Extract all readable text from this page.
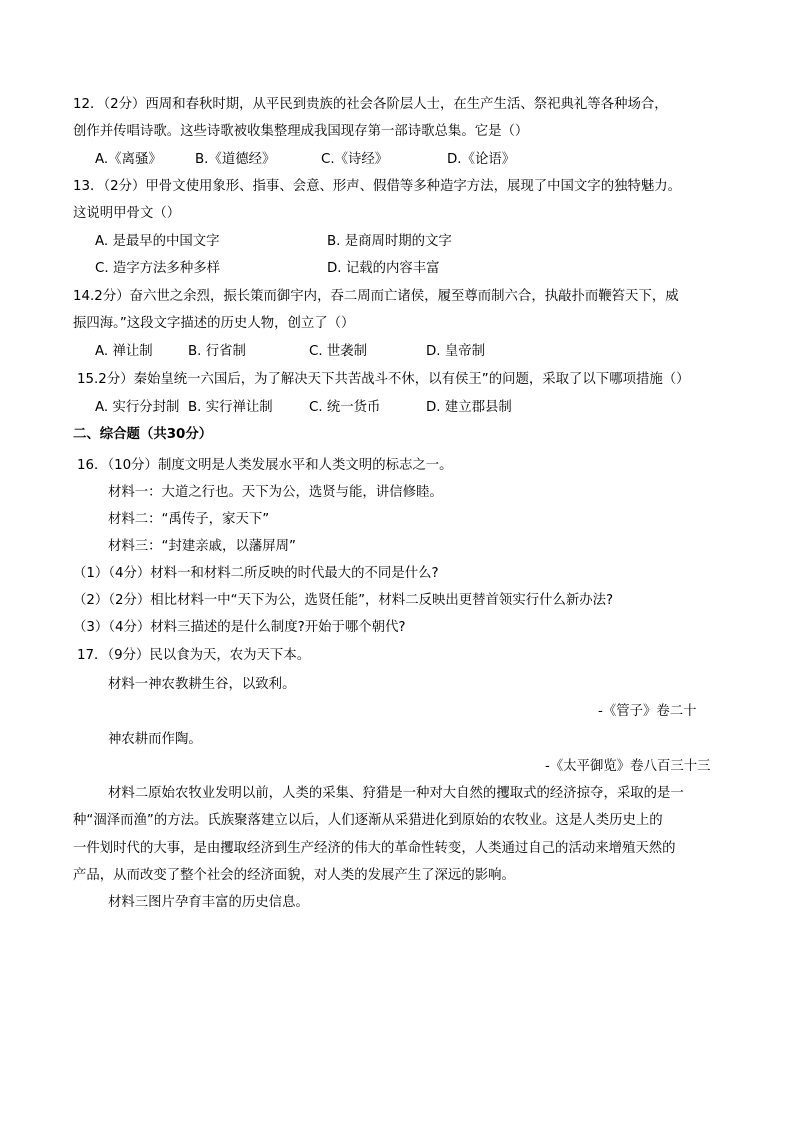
12．（2分）西周和春秋时期，从平民到贵族的社会各阶层人士，在生产生活、祭祀典礼等各种场合，
创作并传唱诗歌。这些诗歌被收集整理成我国现存第一部诗歌总集。它是（）
A.《离骚》 B.《道德经》	C.《诗经》	D.《论语》
13．（2分）甲骨文使用象形、指事、会意、形声、假借等多种造字方法，展现了中国文字的独特魅力。
这说明甲骨文（）
A. 是最早的中国文字	B. 是商周时期的文字
C. 造字方法多种多样	D. 记载的内容丰富
14.2分）奋六世之余烈，振长策而御宇内，吞二周而亡诸侯，履至尊而制六合，执敲扑而鞭笞天下，威
振四海。”这段文字描述的历史人物，创立了（）
A. 禅让制	B. 行省制	C. 世袭制	D. 皇帝制
15.2分）秦始皇统一六国后，为了解决天下共苦战斗不休，以有侯王”的问题，采取了以下哪项措施（）
A. 实行分封制 B. 实行禅让制	C. 统一货币	D. 建立郡县制
二、综合题（共30分）
16．（10分）制度文明是人类发展水平和人类文明的标志之一。
材料一：大道之行也。天下为公，选贤与能，讲信修睦。
材料二：“禹传子，家天下”
材料三：“封建亲戚，以藩屏周”
（1）（4分）材料一和材料二所反映的时代最大的不同是什么?
（2）（2分）相比材料一中“天下为公，选贤任能”，材料二反映出更替首领实行什么新办法?
（3）（4分）材料三描述的是什么制度?开始于哪个朝代?
17．（9分）民以食为天，农为天下本。
材料一神农教耕生谷，以致利。
-《管子》卷二十
神农耕而作陶。
-《太平御览》卷八百三十三
材料二原始农牧业发明以前，人类的采集、狩猎是一种对大自然的攫取式的经济掠夺，采取的是一
种“涸泽而渔”的方法。氏族聚落建立以后，人们逐渐从采猎进化到原始的农牧业。这是人类历史上的
一件划时代的大事，是由攫取经济到生产经济的伟大的革命性转变，人类通过自己的活动来增殖天然的
产品，从而改变了整个社会的经济面貌，对人类的发展产生了深远的影响。
材料三图片孕育丰富的历史信息。
